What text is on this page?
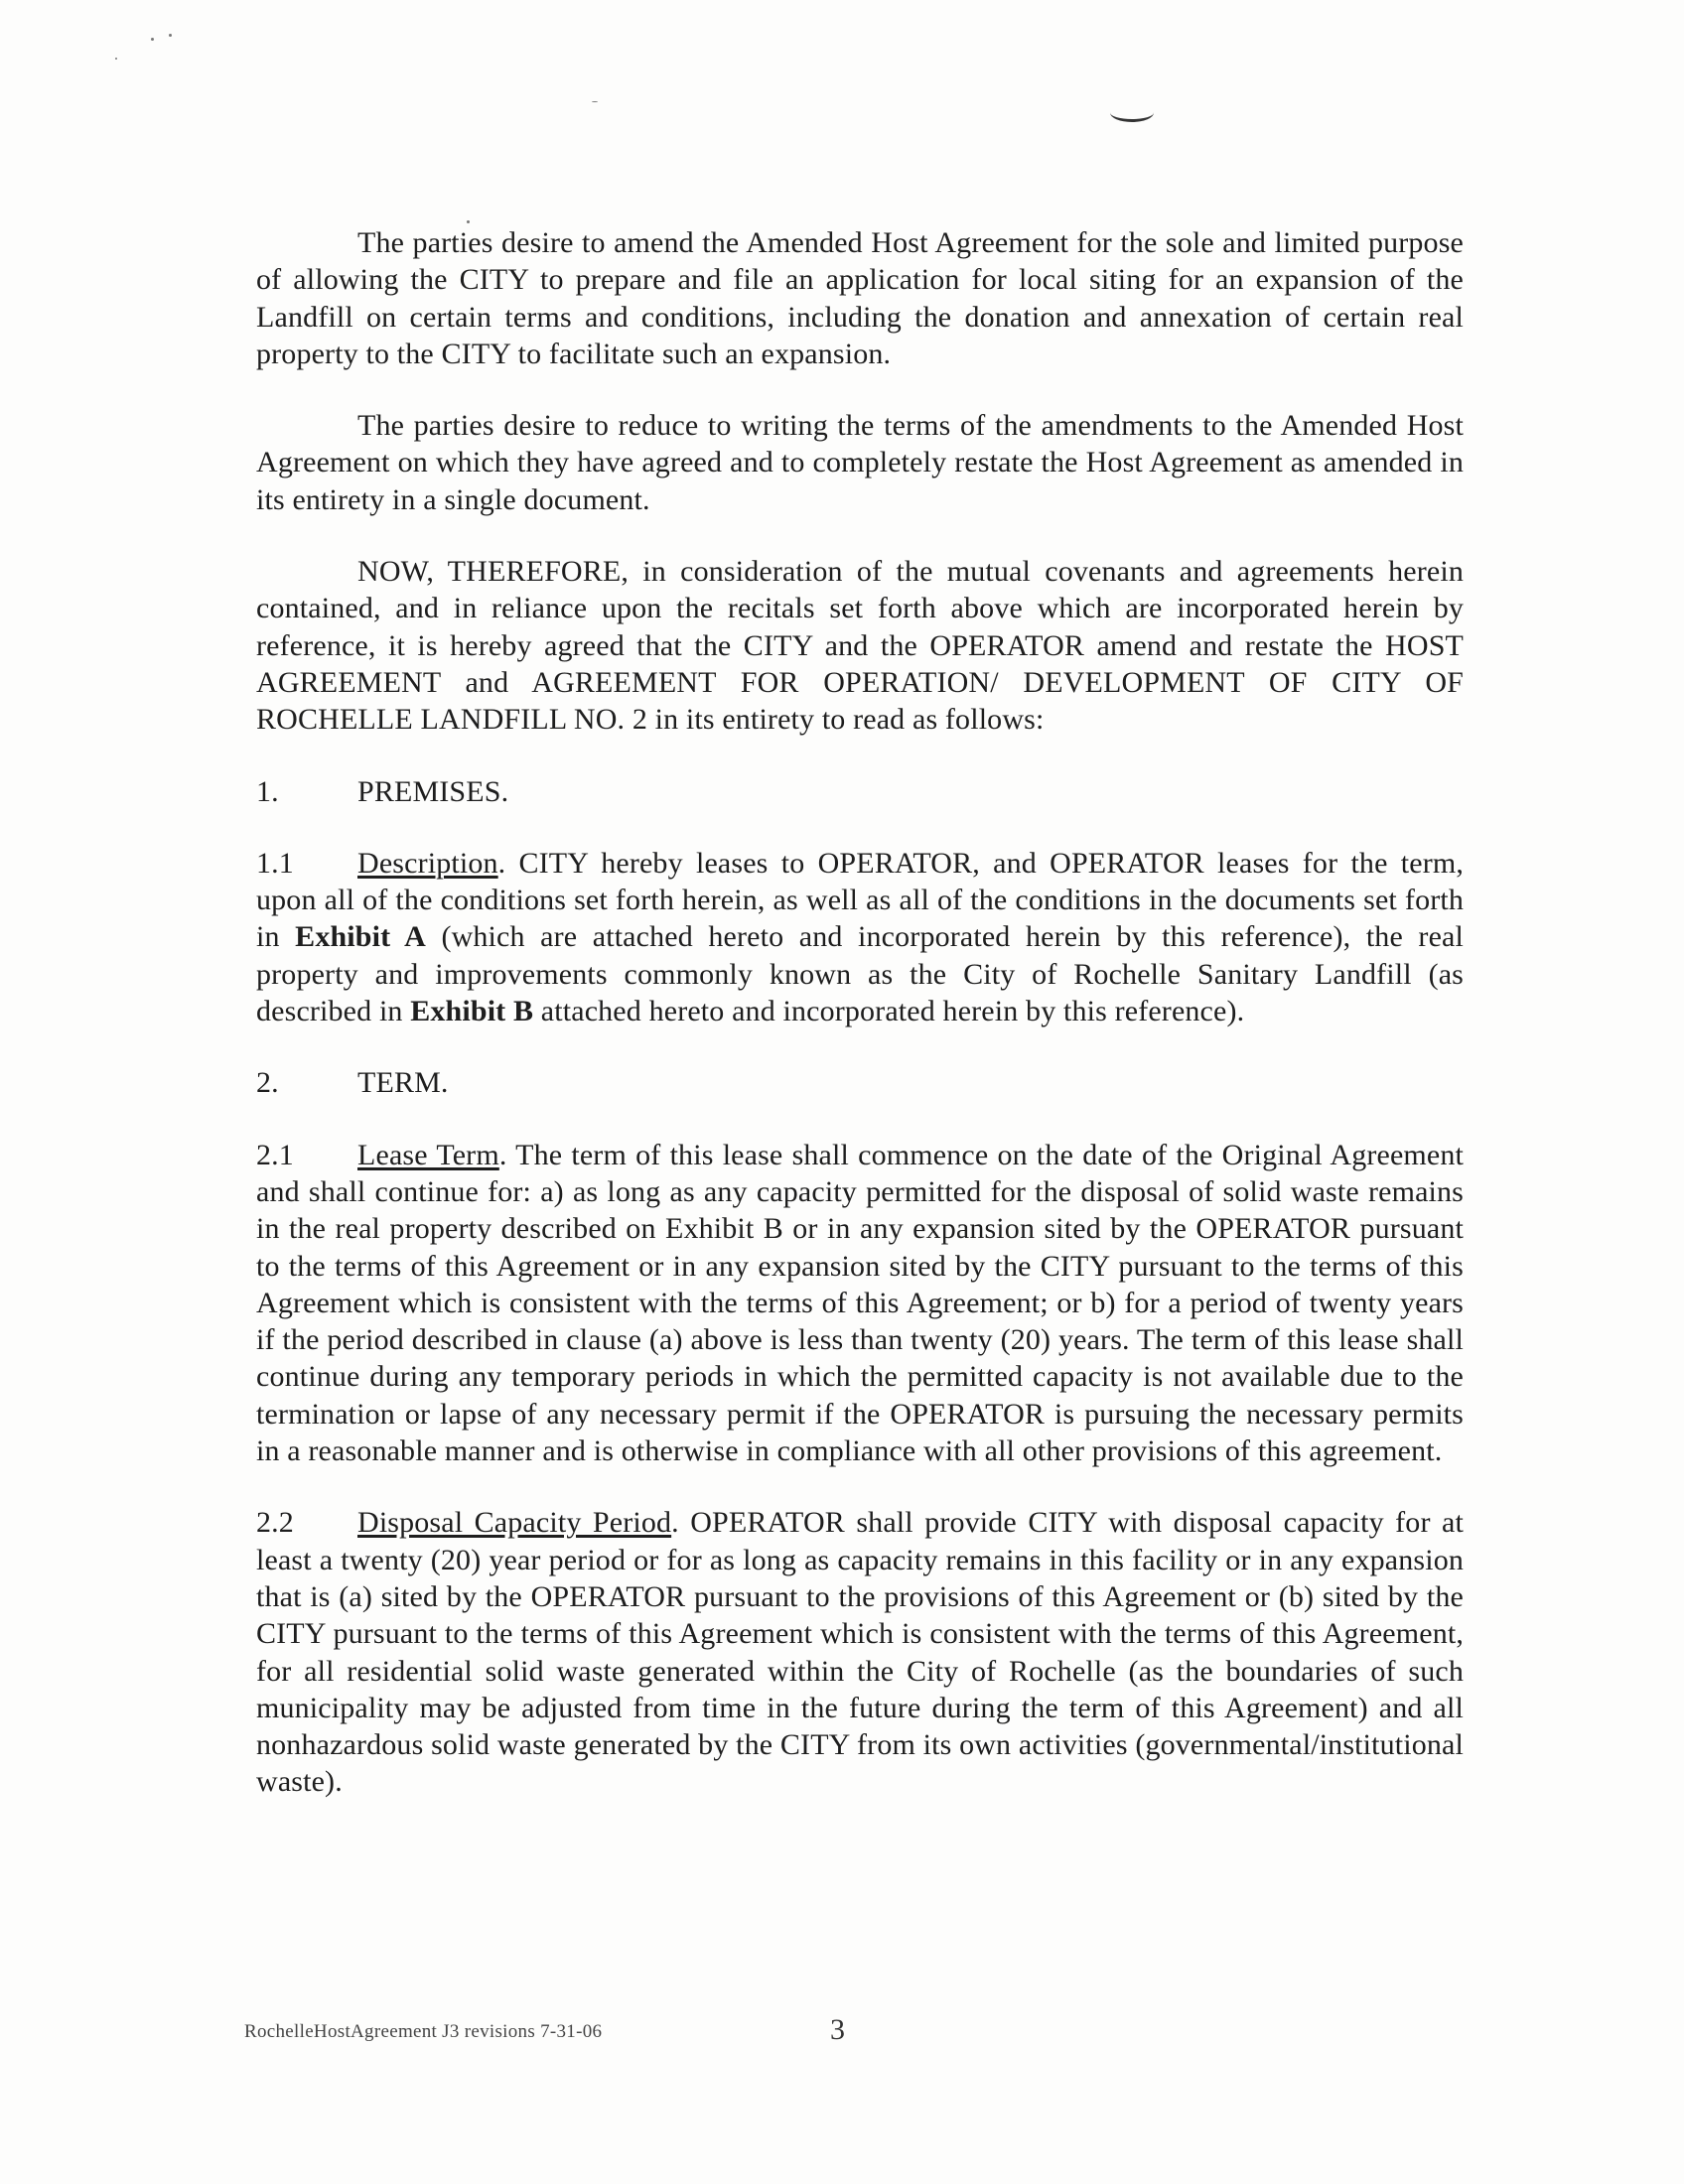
The parties desire to amend the Amended Host Agreement for the sole and limited purpose of allowing the CITY to prepare and file an application for local siting for an expansion of the Landfill on certain terms and conditions, including the donation and annexation of certain real property to the CITY to facilitate such an expansion.

The parties desire to reduce to writing the terms of the amendments to the Amended Host Agreement on which they have agreed and to completely restate the Host Agreement as amended in its entirety in a single document.

NOW, THEREFORE, in consideration of the mutual covenants and agreements herein contained, and in reliance upon the recitals set forth above which are incorporated herein by reference, it is hereby agreed that the CITY and the OPERATOR amend and restate the HOST AGREEMENT and AGREEMENT FOR OPERATION/ DEVELOPMENT OF CITY OF ROCHELLE LANDFILL NO. 2 in its entirety to read as follows:

1.	PREMISES.

1.1 Description. CITY hereby leases to OPERATOR, and OPERATOR leases for the term, upon all of the conditions set forth herein, as well as all of the conditions in the documents set forth in Exhibit A (which are attached hereto and incorporated herein by this reference), the real property and improvements commonly known as the City of Rochelle Sanitary Landfill (as described in Exhibit B attached hereto and incorporated herein by this reference).

2.	TERM.

2.1 Lease Term. The term of this lease shall commence on the date of the Original Agreement and shall continue for: a) as long as any capacity permitted for the disposal of solid waste remains in the real property described on Exhibit B or in any expansion sited by the OPERATOR pursuant to the terms of this Agreement or in any expansion sited by the CITY pursuant to the terms of this Agreement which is consistent with the terms of this Agreement; or b) for a period of twenty years if the period described in clause (a) above is less than twenty (20) years. The term of this lease shall continue during any temporary periods in which the permitted capacity is not available due to the termination or lapse of any necessary permit if the OPERATOR is pursuing the necessary permits in a reasonable manner and is otherwise in compliance with all other provisions of this agreement.

2.2 Disposal Capacity Period. OPERATOR shall provide CITY with disposal capacity for at least a twenty (20) year period or for as long as capacity remains in this facility or in any expansion that is (a) sited by the OPERATOR pursuant to the provisions of this Agreement or (b) sited by the CITY pursuant to the terms of this Agreement which is consistent with the terms of this Agreement, for all residential solid waste generated within the City of Rochelle (as the boundaries of such municipality may be adjusted from time in the future during the term of this Agreement) and all nonhazardous solid waste generated by the CITY from its own activities (governmental/institutional waste).

RochelleHostAgreement J3 revisions 7-31-06	3
